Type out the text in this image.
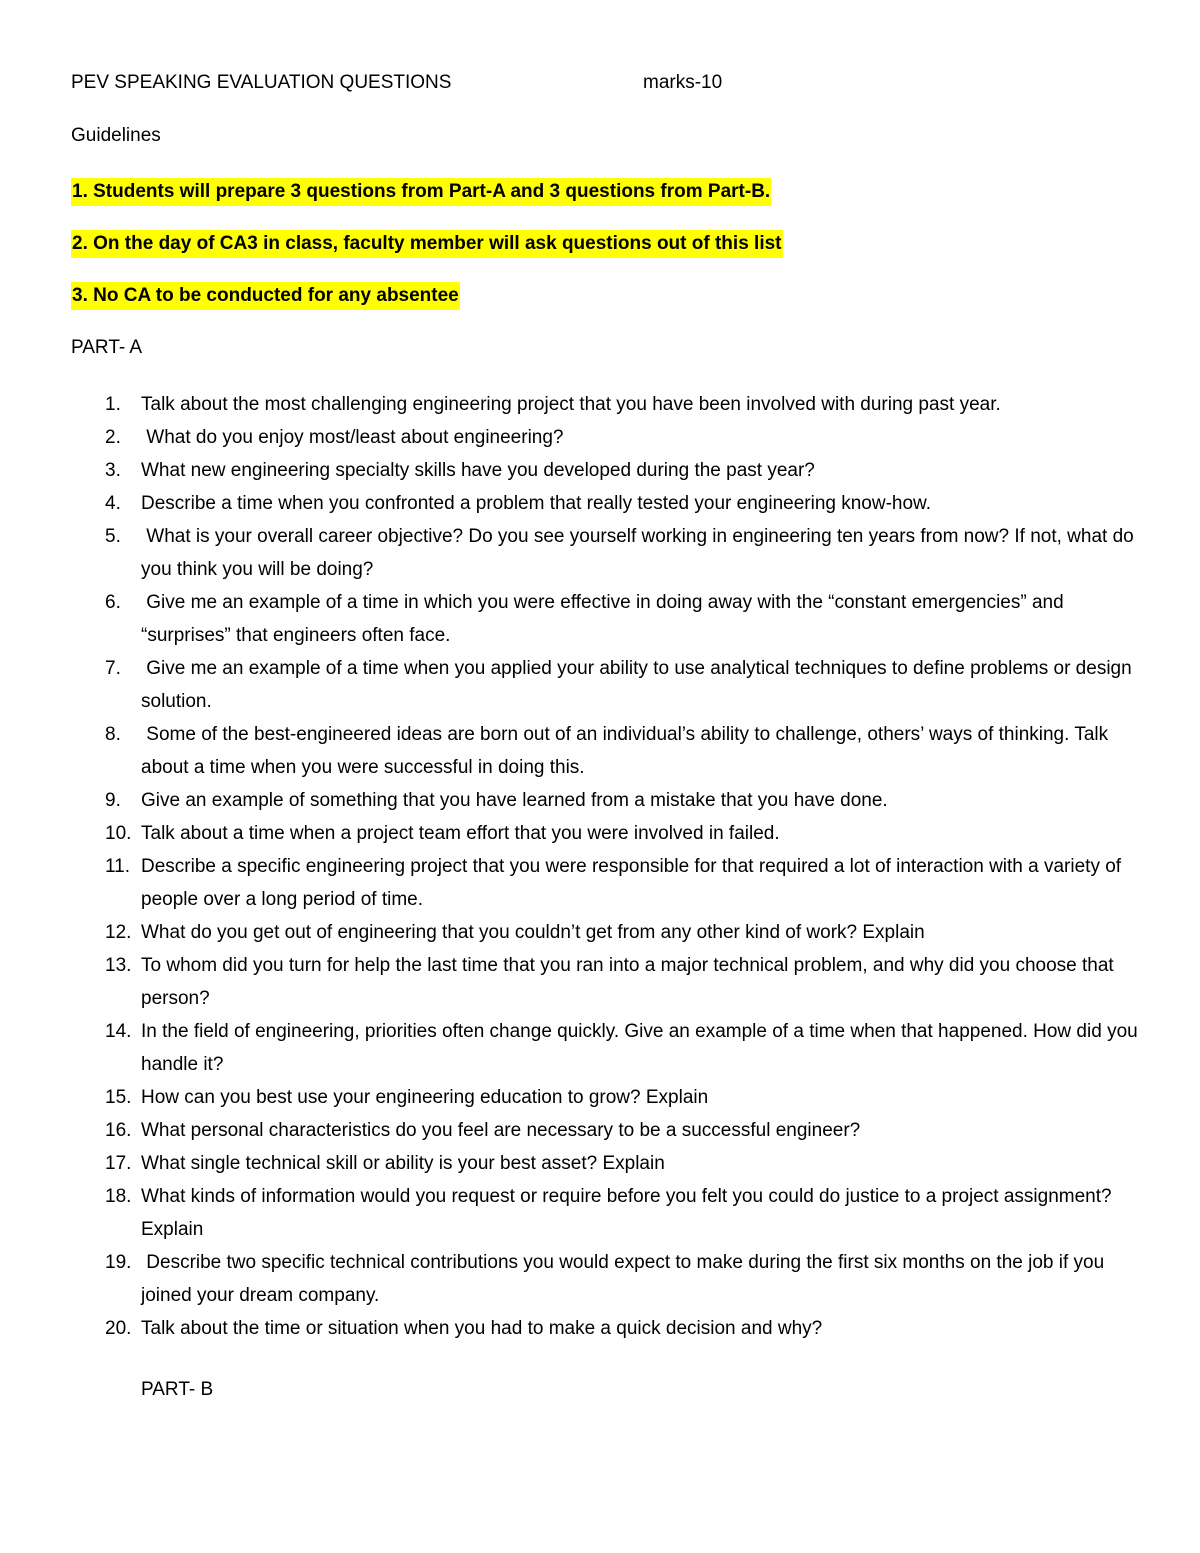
PEV SPEAKING EVALUATION QUESTIONS	marks-10
Guidelines
1. Students will prepare 3 questions from Part-A and 3 questions from Part-B.
2. On the day of CA3 in class, faculty member will ask questions out of this list
3. No CA to be conducted for any absentee
PART- A
1. Talk about the most challenging engineering project that you have been involved with during past year.
2. What do you enjoy most/least about engineering?
3. What new engineering specialty skills have you developed during the past year?
4. Describe a time when you confronted a problem that really tested your engineering know-how.
5. What is your overall career objective? Do you see yourself working in engineering ten years from now? If not, what do you think you will be doing?
6. Give me an example of a time in which you were effective in doing away with the “constant emergencies” and “surprises” that engineers often face.
7. Give me an example of a time when you applied your ability to use analytical techniques to define problems or design solution.
8. Some of the best-engineered ideas are born out of an individual’s ability to challenge, others’ ways of thinking. Talk about a time when you were successful in doing this.
9. Give an example of something that you have learned from a mistake that you have done.
10. Talk about a time when a project team effort that you were involved in failed.
11. Describe a specific engineering project that you were responsible for that required a lot of interaction with a variety of people over a long period of time.
12. What do you get out of engineering that you couldn’t get from any other kind of work? Explain
13. To whom did you turn for help the last time that you ran into a major technical problem, and why did you choose that person?
14. In the field of engineering, priorities often change quickly. Give an example of a time when that happened. How did you handle it?
15. How can you best use your engineering education to grow? Explain
16. What personal characteristics do you feel are necessary to be a successful engineer?
17. What single technical skill or ability is your best asset? Explain
18. What kinds of information would you request or require before you felt you could do justice to a project assignment? Explain
19. Describe two specific technical contributions you would expect to make during the first six months on the job if you joined your dream company.
20. Talk about the time or situation when you had to make a quick decision and why?
PART- B
